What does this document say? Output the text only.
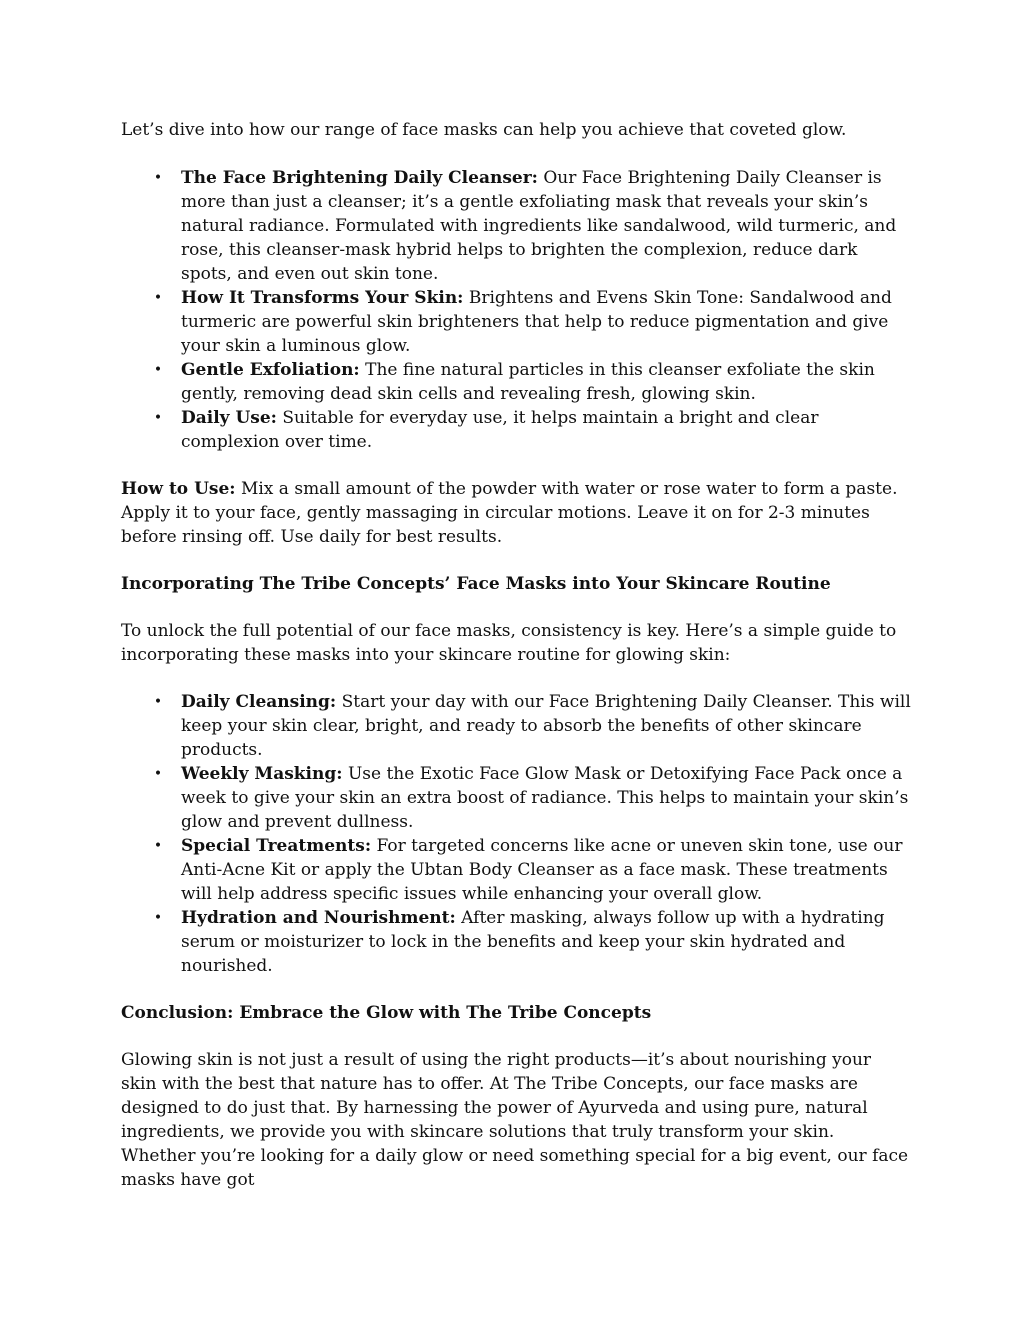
Let’s dive into how our range of face masks can help you achieve that coveted glow.

• The Face Brightening Daily Cleanser: Our Face Brightening Daily Cleanser is more than just a cleanser; it’s a gentle exfoliating mask that reveals your skin’s natural radiance. Formulated with ingredients like sandalwood, wild turmeric, and rose, this cleanser-mask hybrid helps to brighten the complexion, reduce dark spots, and even out skin tone.
• How It Transforms Your Skin: Brightens and Evens Skin Tone: Sandalwood and turmeric are powerful skin brighteners that help to reduce pigmentation and give your skin a luminous glow.
• Gentle Exfoliation: The fine natural particles in this cleanser exfoliate the skin gently, removing dead skin cells and revealing fresh, glowing skin.
• Daily Use: Suitable for everyday use, it helps maintain a bright and clear complexion over time.

How to Use: Mix a small amount of the powder with water or rose water to form a paste. Apply it to your face, gently massaging in circular motions. Leave it on for 2-3 minutes before rinsing off. Use daily for best results.

Incorporating The Tribe Concepts’ Face Masks into Your Skincare Routine

To unlock the full potential of our face masks, consistency is key. Here’s a simple guide to incorporating these masks into your skincare routine for glowing skin:

• Daily Cleansing: Start your day with our Face Brightening Daily Cleanser. This will keep your skin clear, bright, and ready to absorb the benefits of other skincare products.
• Weekly Masking: Use the Exotic Face Glow Mask or Detoxifying Face Pack once a week to give your skin an extra boost of radiance. This helps to maintain your skin’s glow and prevent dullness.
• Special Treatments: For targeted concerns like acne or uneven skin tone, use our Anti-Acne Kit or apply the Ubtan Body Cleanser as a face mask. These treatments will help address specific issues while enhancing your overall glow.
• Hydration and Nourishment: After masking, always follow up with a hydrating serum or moisturizer to lock in the benefits and keep your skin hydrated and nourished.

Conclusion: Embrace the Glow with The Tribe Concepts

Glowing skin is not just a result of using the right products—it’s about nourishing your skin with the best that nature has to offer. At The Tribe Concepts, our face masks are designed to do just that. By harnessing the power of Ayurveda and using pure, natural ingredients, we provide you with skincare solutions that truly transform your skin. Whether you’re looking for a daily glow or need something special for a big event, our face masks have got
